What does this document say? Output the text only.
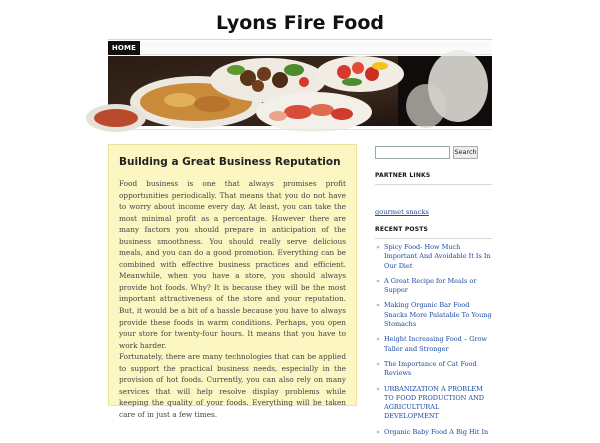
Lyons Fire Food
HOME
Building a Great Business Reputation

Food business is one that always promises profit opportunities periodically. That means that you do not have to worry about income every day. At least, you can take the most minimal profit as a percentage. However there are many factors you should prepare in anticipation of the business smoothness. You should really serve delicious meals, and you can do a good promotion. Everything can be combined with effective business practices and efficient. Meanwhile, when you have a store, you should always provide hot foods. Why? It is because they will be the most important attractiveness of the store and your reputation. But, it would be a bit of a hassle because you have to always provide these foods in warm conditions. Perhaps, you open your store for twenty-four hours. It means that you have to work harder.

Fortunately, there are many technologies that can be applied to support the practical business needs, especially in the provision of hot foods. Currently, you can also rely on many services that will help resolve display problems while keeping the quality of your foods. Everything will be taken care of in just a few times.

Search
PARTNER LINKS
gourmet snacks
RECENT POSTS
» Spicy Food- How Much Important And Avoidable It Is In Our Diet
» A Great Recipe for Meals or Supper
» Making Organic Bar Food Snacks More Palatable To Young Stomachs
» Height Increasing Food – Grow Taller and Stronger
» The Importance of Cat Food Reviews
» URBANIZATION A PROBLEM TO FOOD PRODUCTION AND AGRICULTURAL DEVELOPMENT
» Organic Baby Food A Big Hit In
